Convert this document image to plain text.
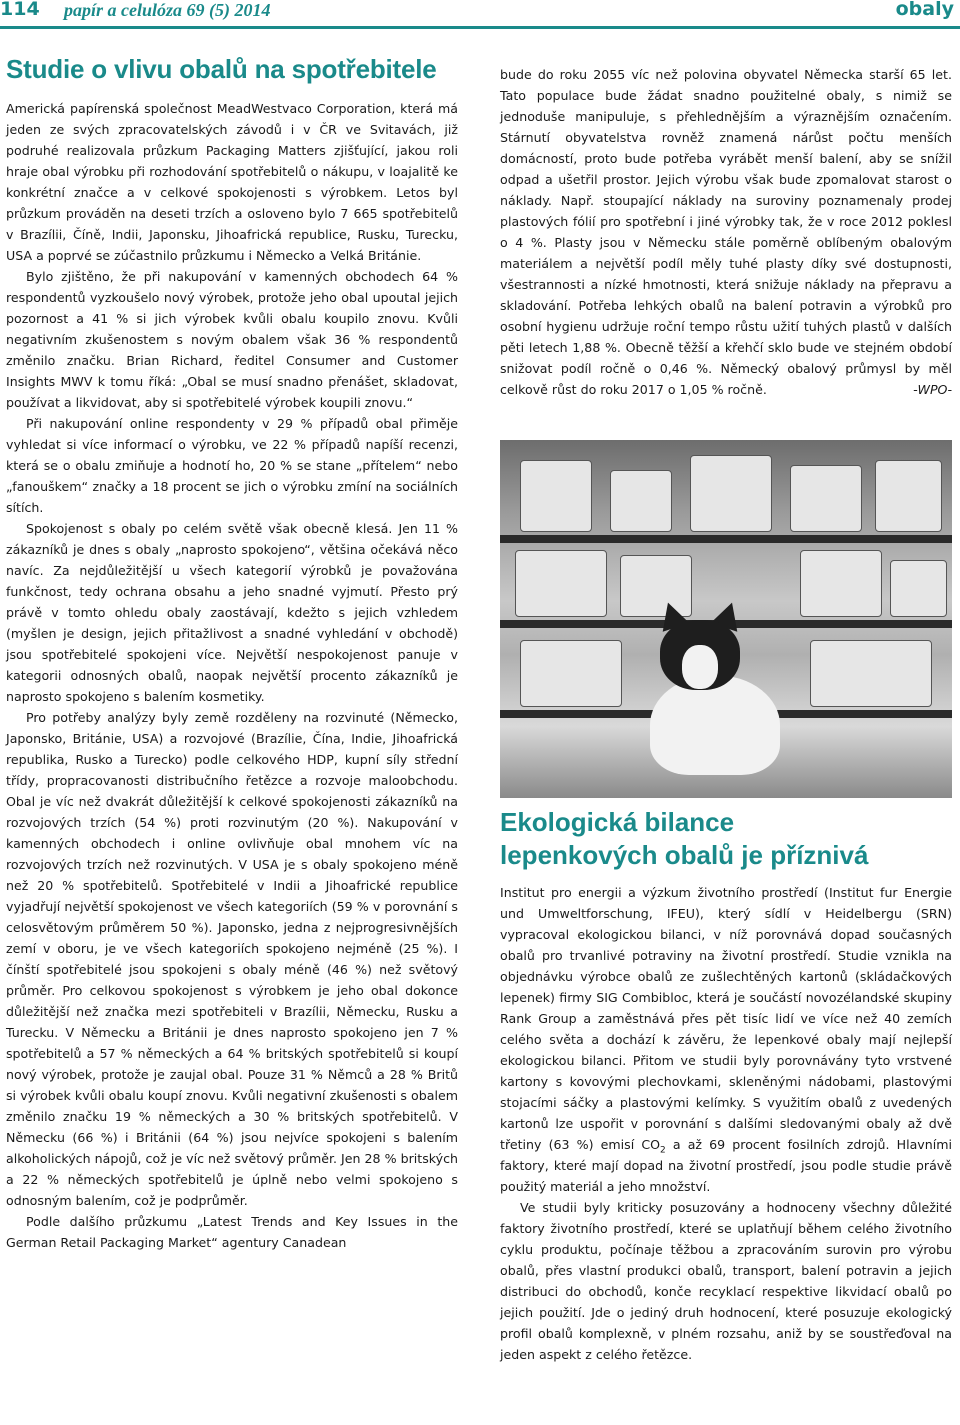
114 papír a celulóza 69 (5) 2014	obaly
Studie o vlivu obalů na spotřebitele

Americká papírenská společnost MeadWestvaco Corporation, která má jeden ze svých zpracovatelských závodů i v ČR ve Svitavách, již podruhé realizovala průzkum Packaging Matters zjišťující, jakou roli hraje obal výrobku při rozhodování spotřebitelů o nákupu, v loajalitě ke konkrétní značce a v celkové spokojenosti s výrobkem. Letos byl průzkum prováděn na deseti trzích a osloveno bylo 7 665 spotřebitelů v Brazílii, Číně, Indii, Japonsku, Jihoafrická republice, Rusku, Turecku, USA a poprvé se zúčastnilo průzkumu i Německo a Velká Británie.

Bylo zjištěno, že při nakupování v kamenných obchodech 64 % respondentů vyzkoušelo nový výrobek, protože jeho obal upoutal jejich pozornost a 41 % si jich výrobek kvůli obalu koupilo znovu. Kvůli negativním zkušenostem s novým obalem však 36 % respondentů změnilo značku. Brian Richard, ředitel Consumer and Customer Insights MWV k tomu říká: „Obal se musí snadno přenášet, skladovat, používat a likvidovat, aby si spotřebitelé výrobek koupili znovu.“

Při nakupování online respondenty v 29 % případů obal přiměje vyhledat si více informací o výrobku, ve 22 % případů napíší recenzi, která se o obalu zmiňuje a hodnotí ho, 20 % se stane „přítelem“ nebo „fanouškem“ značky a 18 procent se jich o výrobku zmíní na sociálních sítích.

Spokojenost s obaly po celém světě však obecně klesá. Jen 11 % zákazníků je dnes s obaly „naprosto spokojeno“, většina očekává něco navíc. Za nejdůležitější u všech kategorií výrobků je považována funkčnost, tedy ochrana obsahu a jeho snadné vyjmutí. Přesto prý právě v tomto ohledu obaly zaostávají, kdežto s jejich vzhledem (myšlen je design, jejich přitažlivost a snadné vyhledání v obchodě) jsou spotřebitelé spokojeni více. Největší nespokojenost panuje v kategorii odnosných obalů, naopak největší procento zákazníků je naprosto spokojeno s balením kosmetiky.

Pro potřeby analýzy byly země rozděleny na rozvinuté (Německo, Japonsko, Británie, USA) a rozvojové (Brazílie, Čína, Indie, Jihoafrická republika, Rusko a Turecko) podle celkového HDP, kupní síly střední třídy, propracovanosti distribučního řetězce a rozvoje maloobchodu. Obal je víc než dvakrát důležitější k celkové spokojenosti zákazníků na rozvojových trzích (54 %) proti rozvinutým (20 %). Nakupování v kamenných obchodech i online ovlivňuje obal mnohem víc na rozvojových trzích než rozvinutých. V USA je s obaly spokojeno méně než 20 % spotřebitelů. Spotřebitelé v Indii a Jihoafrické republice vyjadřují největší spokojenost ve všech kategoriích (59 % v porovnání s celosvětovým průměrem 50 %). Japonsko, jedna z nejprogresivnějších zemí v oboru, je ve všech kategoriích spokojeno nejméně (25 %). I čínští spotřebitelé jsou spokojeni s obaly méně (46 %) než světový průměr. Pro celkovou spokojenost s výrobkem je jeho obal dokonce důležitější než značka mezi spotřebiteli v Brazílii, Německu, Rusku a Turecku. V Německu a Británii je dnes naprosto spokojeno jen 7 % spotřebitelů a 57 % německých a 64 % britských spotřebitelů si koupí nový výrobek, protože je zaujal obal. Pouze 31 % Němců a 28 % Britů si výrobek kvůli obalu koupí znovu. Kvůli negativní zkušenosti s obalem změnilo značku 19 % německých a 30 % britských spotřebitelů. V Německu (66 %) i Británii (64 %) jsou nejvíce spokojeni s balením alkoholických nápojů, což je víc než světový průměr. Jen 28 % britských a 22 % německých spotřebitelů je úplně nebo velmi spokojeno s odnosným balením, což je podprůměr.

Podle dalšího průzkumu „Latest Trends and Key Issues in the German Retail Packaging Market“ agentury Canadean

bude do roku 2055 víc než polovina obyvatel Německa starší 65 let. Tato populace bude žádat snadno použitelné obaly, s nimiž se jednoduše manipuluje, s přehlednějším a výraznějším označením. Stárnutí obyvatelstva rovněž znamená nárůst počtu menších domácností, proto bude potřeba vyrábět menší balení, aby se snížil odpad a ušetřil prostor. Jejich výrobu však bude zpomalovat starost o náklady. Např. stoupající náklady na suroviny poznamenaly prodej plastových fólií pro spotřební i jiné výrobky tak, že v roce 2012 poklesl o 4 %. Plasty jsou v Německu stále poměrně oblíbeným obalovým materiálem a největší podíl měly tuhé plasty díky své dostupnosti, všestrannosti a nízké hmotnosti, která snižuje náklady na přepravu a skladování. Potřeba lehkých obalů na balení potravin a výrobků pro osobní hygienu udržuje roční tempo růstu užití tuhých plastů v dalších pěti letech 1,88 %. Obecně těžší a křehčí sklo bude ve stejném období snižovat podíl ročně o 0,46 %. Německý obalový průmysl by měl celkově růst do roku 2017 o 1,05 % ročně.	-WPO-

Ekologická bilance
lepenkových obalů je příznivá

Institut pro energii a výzkum životního prostředí (Institut fur Energie und Umweltforschung, IFEU), který sídlí v Heidelbergu (SRN) vypracoval ekologickou bilanci, v níž porovnává dopad současných obalů pro trvanlivé potraviny na životní prostředí. Studie vznikla na objednávku výrobce obalů ze zušlechtěných kartonů (skládačkových lepenek) firmy SIG Combibloc, která je součástí novozélandské skupiny Rank Group a zaměstnává přes pět tisíc lidí ve více než 40 zemích celého světa a dochází k závěru, že lepenkové obaly mají nejlepší ekologickou bilanci. Přitom ve studii byly porovnávány tyto vrstvené kartony s kovovými plechovkami, skleněnými nádobami, plastovými stojacími sáčky a plastovými kelímky. S využitím obalů z uvedených kartonů lze uspořit v porovnání s dalšími sledovanými obaly až dvě třetiny (63 %) emisí $CO_2$ a až 69 procent fosilních zdrojů. Hlavními faktory, které mají dopad na životní prostředí, jsou podle studie právě použitý materiál a jeho množství.

Ve studii byly kriticky posuzovány a hodnoceny všechny důležité faktory životního prostředí, které se uplatňují během celého životního cyklu produktu, počínaje těžbou a zpracováním surovin pro výrobu obalů, přes vlastní produkci obalů, transport, balení potravin a jejich distribuci do obchodů, konče recyklací respektive likvidací obalů po jejich použití. Jde o jediný druh hodnocení, které posuzuje ekologický profil obalů komplexně, v plném rozsahu, aniž by se soustřeďoval na jeden aspekt z celého řetězce.
